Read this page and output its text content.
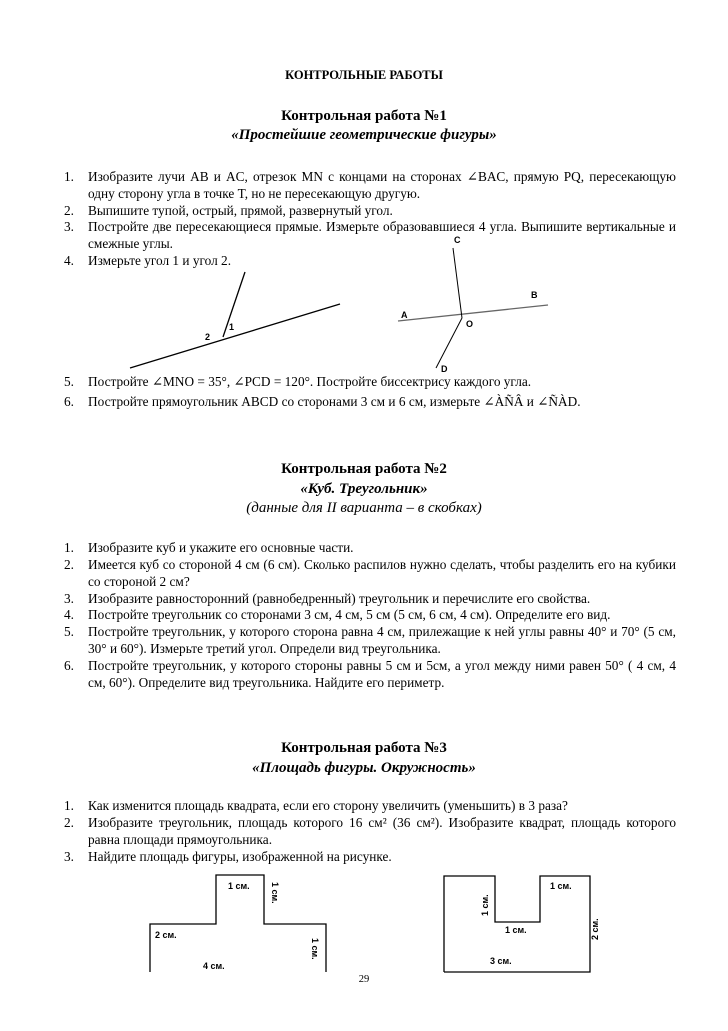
КОНТРОЛЬНЫЕ РАБОТЫ
Контрольная работа №1
«Простейшие геометрические фигуры»
1. Изобразите лучи AB и AC, отрезок MN с концами на сторонах ∠BAC, прямую PQ, пересекающую одну сторону угла в точке T, но не пересекающую другую.
2. Выпишите тупой, острый, прямой, развернутый угол.
3. Постройте две пересекающиеся прямые. Измерьте образовавшиеся 4 угла. Выпишите вертикальные и смежные углы.
4. Измерьте угол 1 и угол 2.
1
2
A
B
C
D
O
5. Постройте ∠MNO = 35°, ∠PCD = 120°. Постройте биссектрису каждого угла.
6. Постройте прямоугольник ABCD со сторонами 3 см и 6 см, измерьте ∠ÀÑÂ и ∠ÑÀD.
Контрольная работа №2
«Куб. Треугольник»
(данные для II варианта – в скобках)
1. Изобразите куб и укажите его основные части.
2. Имеется куб со стороной 4 см (6 см). Сколько распилов нужно сделать, чтобы разделить его на кубики со стороной 2 см?
3. Изобразите равносторонний (равнобедренный) треугольник и перечислите его свойства.
4. Постройте треугольник со сторонами 3 см, 4 см, 5 см (5 см, 6 см, 4 см). Определите его вид.
5. Постройте треугольник, у которого сторона равна 4 см, прилежащие к ней углы равны 40° и 70° (5 см, 30° и 60°). Измерьте третий угол. Определи вид треугольника.
6. Постройте треугольник, у которого стороны равны 5 см и 5см, а угол между ними равен 50° ( 4 см, 4 см, 60°). Определите вид треугольника. Найдите его периметр.
Контрольная работа №3
«Площадь фигуры. Окружность»
1. Как изменится площадь квадрата, если его сторону увеличить (уменьшить) в 3 раза?
2. Изобразите треугольник, площадь которого 16 см² (36 см²). Изобразите квадрат, площадь которого равна площади прямоугольника.
3. Найдите площадь фигуры, изображенной на рисунке.
1 см. 1 см.
2 см.
1 см.
4 см.
1 см.
1 см.
1 см.	2 см.
3 см.
29
